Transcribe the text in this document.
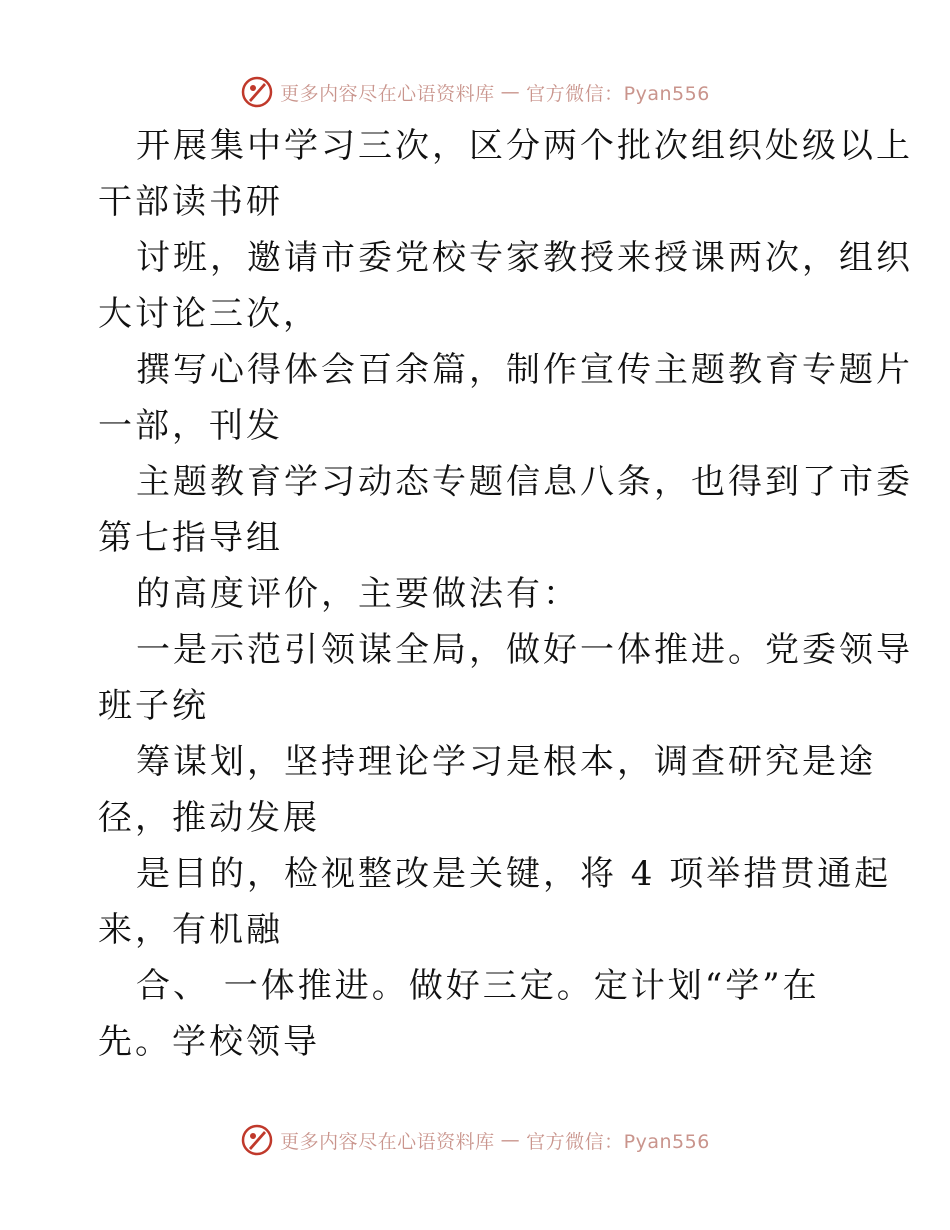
更多内容尽在心语资料库 — 官方微信：Pyan556
开展集中学习三次，区分两个批次组织处级以上
干部读书研
讨班，邀请市委党校专家教授来授课两次，组织
大讨论三次，
撰写心得体会百余篇，制作宣传主题教育专题片
一部，刊发
主题教育学习动态专题信息八条，也得到了市委
第七指导组
的高度评价，主要做法有：
一是示范引领谋全局，做好一体推进。党委领导
班子统
筹谋划，坚持理论学习是根本，调查研究是途
径，推动发展
是目的，检视整改是关键，将 4 项举措贯通起
来，有机融
合、 一体推进。做好三定。定计划“学”在
先。学校领导
更多内容尽在心语资料库 — 官方微信：Pyan556
